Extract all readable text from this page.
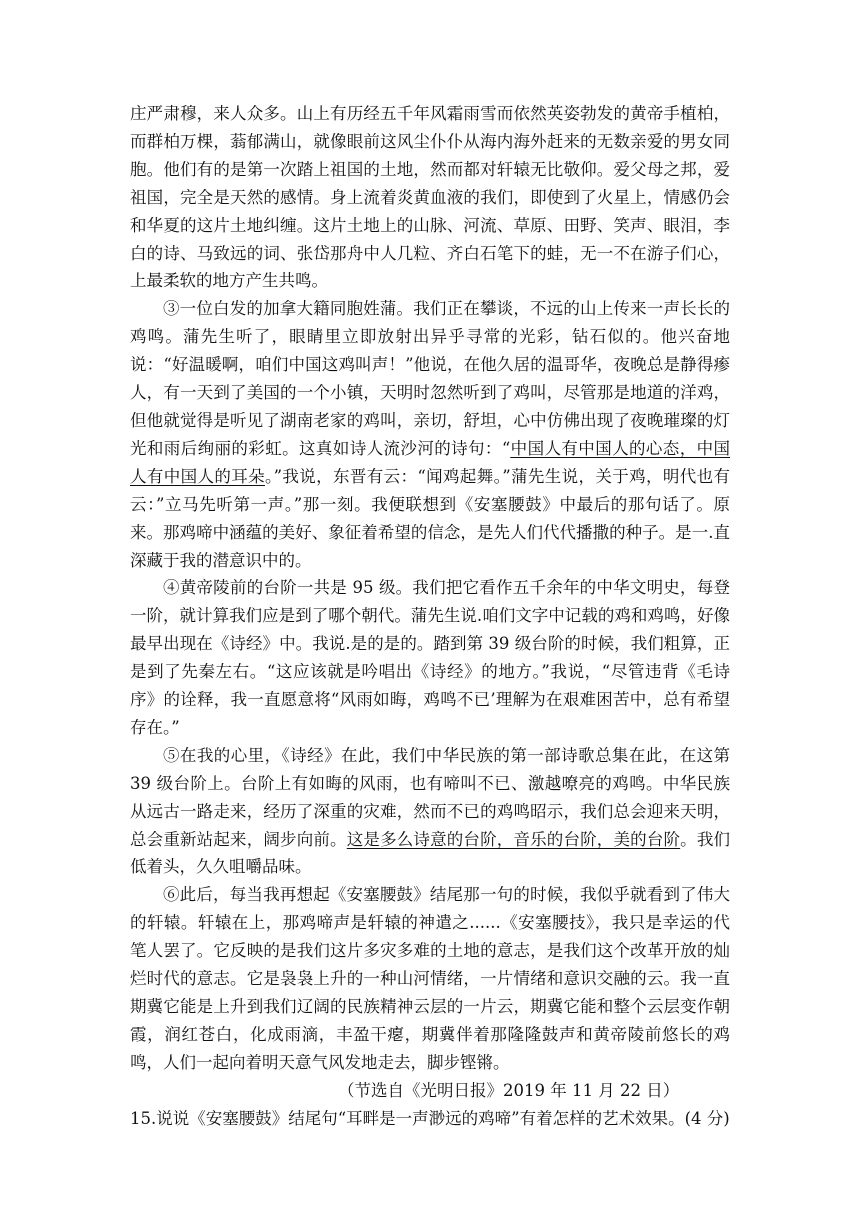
庄严肃穆，来人众多。山上有历经五千年风霜雨雪而依然英姿勃发的黄帝手植柏，而群柏万棵，蓊郁满山，就像眼前这风尘仆仆从海内海外赶来的无数亲爱的男女同胞。他们有的是第一次踏上祖国的土地，然而都对轩辕无比敬仰。爱父母之邦，爱祖国，完全是天然的感情。身上流着炎黄血液的我们，即使到了火星上，情感仍会和华夏的这片土地纠缠。这片土地上的山脉、河流、草原、田野、笑声、眼泪，李白的诗、马致远的词、张岱那舟中人几粒、齐白石笔下的蛙，无一不在游子们心，上最柔软的地方产生共鸣。

③一位白发的加拿大籍同胞姓蒲。我们正在攀谈，不远的山上传来一声长长的鸡鸣。蒲先生听了，眼睛里立即放射出异乎寻常的光彩，钻石似的。他兴奋地说：“好温暖啊，咱们中国这鸡叫声！”他说，在他久居的温哥华，夜晚总是静得瘆人，有一天到了美国的一个小镇，天明时忽然听到了鸡叫，尽管那是地道的洋鸡，但他就觉得是听见了湖南老家的鸡叫，亲切，舒坦，心中仿佛出现了夜晚璀璨的灯光和雨后绚丽的彩虹。这真如诗人流沙河的诗句：“中国人有中国人的心态，中国人有中国人的耳朵。”我说，东晋有云：“闻鸡起舞。”蒲先生说，关于鸡，明代也有云：”立马先听第一声。”那一刻。我便联想到《安塞腰鼓》中最后的那句话了。原来。那鸡啼中涵蕴的美好、象征着希望的信念，是先人们代代播撒的种子。是一.直深藏于我的潜意识中的。

④黄帝陵前的台阶一共是 95 级。我们把它看作五千余年的中华文明史，每登一阶，就计算我们应是到了哪个朝代。蒲先生说.咱们文字中记载的鸡和鸡鸣，好像最早出现在《诗经》中。我说.是的是的。踏到第 39 级台阶的时候，我们粗算，正是到了先秦左右。“这应该就是吟唱出《诗经》的地方。”我说，“尽管违背《毛诗序》的诠释，我一直愿意将“风雨如晦，鸡鸣不已’理解为在艰难困苦中，总有希望存在。”

⑤在我的心里，《诗经》在此，我们中华民族的第一部诗歌总集在此，在这第 39 级台阶上。台阶上有如晦的风雨，也有啼叫不已、激越嘹亮的鸡鸣。中华民族从远古一路走来，经历了深重的灾难，然而不已的鸡鸣昭示，我们总会迎来天明，总会重新站起来，阔步向前。这是多么诗意的台阶，音乐的台阶，美的台阶。我们低着头，久久咀嚼品味。

⑥此后，每当我再想起《安塞腰鼓》结尾那一句的时候，我似乎就看到了伟大的轩辕。轩辕在上，那鸡啼声是轩辕的神遣之......《安塞腰技》，我只是幸运的代笔人罢了。它反映的是我们这片多灾多难的土地的意志，是我们这个改革开放的灿烂时代的意志。它是袅袅上升的一种山河情绪，一片情绪和意识交融的云。我一直期冀它能是上升到我们辽阔的民族精神云层的一片云，期冀它能和整个云层变作朝霞，润红苍白，化成雨滴，丰盈干瘪，期冀伴着那隆隆鼓声和黄帝陵前悠长的鸡鸣，人们一起向着明天意气风发地走去，脚步铿锵。

（节选自《光明日报》2019 年 11 月 22 日）

15.说说《安塞腰鼓》结尾句“耳畔是一声渺远的鸡啼”有着怎样的艺术效果。(4 分)
